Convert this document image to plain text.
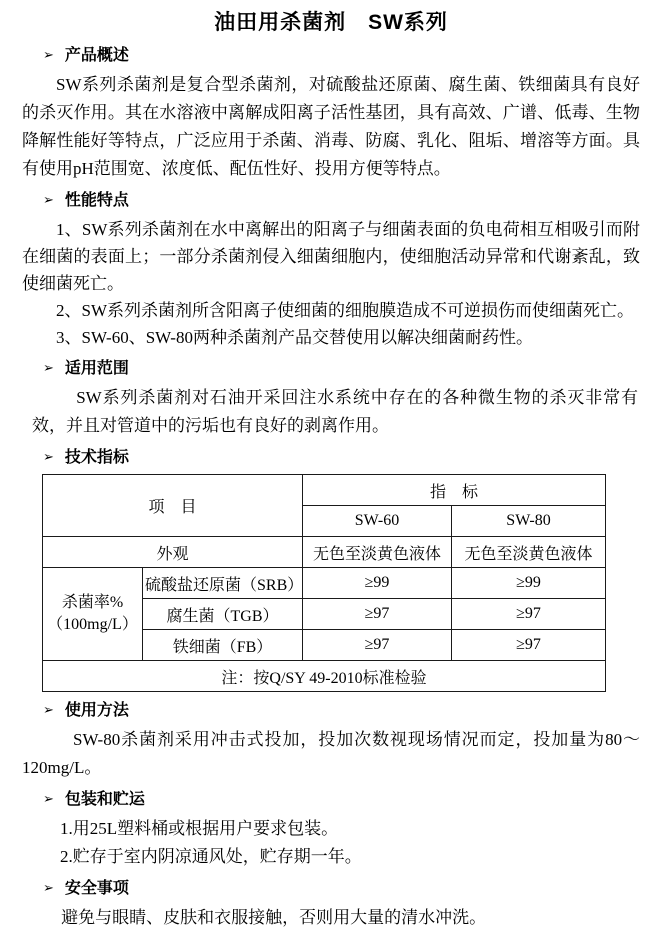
油田用杀菌剂　SW系列
➢ 产品概述

SW系列杀菌剂是复合型杀菌剂，对硫酸盐还原菌、腐生菌、铁细菌具有良好的杀灭作用。其在水溶液中离解成阳离子活性基团，具有高效、广谱、低毒、生物降解性能好等特点，广泛应用于杀菌、消毒、防腐、乳化、阻垢、增溶等方面。具有使用pH范围宽、浓度低、配伍性好、投用方便等特点。

➢ 性能特点

1、SW系列杀菌剂在水中离解出的阳离子与细菌表面的负电荷相互相吸引而附在细菌的表面上；一部分杀菌剂侵入细菌细胞内，使细胞活动异常和代谢紊乱，致使细菌死亡。

2、SW系列杀菌剂所含阳离子使细菌的细胞膜造成不可逆损伤而使细菌死亡。

3、SW-60、SW-80两种杀菌剂产品交替使用以解决细菌耐药性。

➢ 适用范围

SW系列杀菌剂对石油开采回注水系统中存在的各种微生物的杀灭非常有效，并且对管道中的污垢也有良好的剥离作用。

➢ 技术指标
项　目		指　标	
		SW-60	SW-80
外观		无色至淡黄色液体	无色至淡黄色液体

杀菌率%
（100mg/L）	硫酸盐还原菌（SRB）	≥99	≥99
	腐生菌（TGB）	≥97	≥97
	铁细菌（FB）	≥97	≥97
注：按Q/SY 49-2010标准检验			
➢ 使用方法

SW-80杀菌剂采用冲击式投加，投加次数视现场情况而定，投加量为80～120mg/L。

➢ 包装和贮运

1.用25L塑料桶或根据用户要求包装。

2.贮存于室内阴凉通风处，贮存期一年。

➢ 安全事项

避免与眼睛、皮肤和衣服接触，否则用大量的清水冲洗。
